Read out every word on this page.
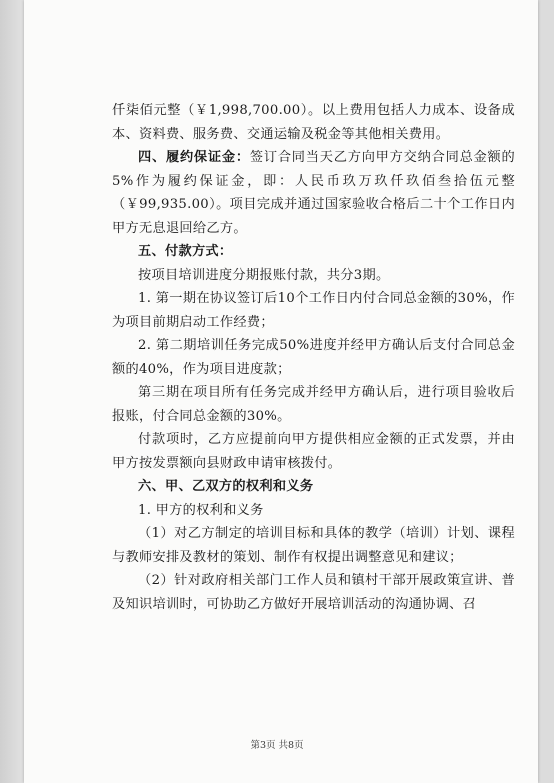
仟柒佰元整（￥1,998,700.00）。以上费用包括人力成本、设备成本、资料费、服务费、交通运输及税金等其他相关费用。

四、履约保证金：签订合同当天乙方向甲方交纳合同总金额的5%作为履约保证金，即：人民币玖万玖仟玖佰叁拾伍元整（￥99,935.00）。项目完成并通过国家验收合格后二十个工作日内甲方无息退回给乙方。

五、付款方式：

按项目培训进度分期报账付款，共分3期。

1. 第一期在协议签订后10个工作日内付合同总金额的30%，作为项目前期启动工作经费；

2. 第二期培训任务完成50%进度并经甲方确认后支付合同总金额的40%，作为项目进度款；

第三期在项目所有任务完成并经甲方确认后，进行项目验收后报账，付合同总金额的30%。

付款项时，乙方应提前向甲方提供相应金额的正式发票，并由甲方按发票额向县财政申请审核拨付。

六、甲、乙双方的权利和义务

1. 甲方的权利和义务

（1）对乙方制定的培训目标和具体的教学（培训）计划、课程与教师安排及教材的策划、制作有权提出调整意见和建议；

（2）针对政府相关部门工作人员和镇村干部开展政策宣讲、普及知识培训时，可协助乙方做好开展培训活动的沟通协调、召

第3页 共8页
